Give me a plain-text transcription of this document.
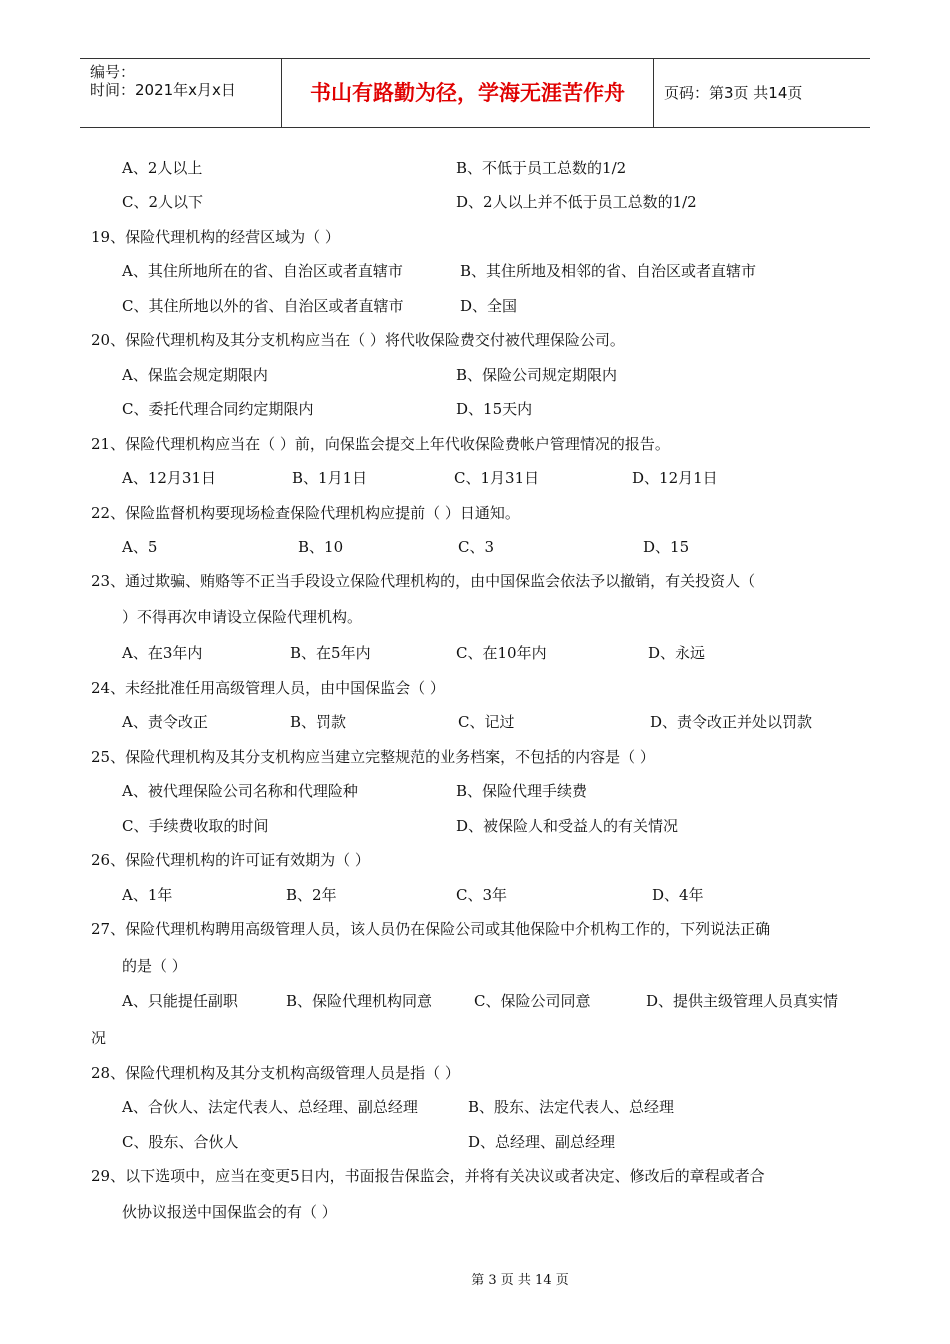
编号：
时间：2021年x月x日	书山有路勤为径，学海无涯苦作舟	页码：第3页 共14页
A、2人以上	B、不低于员工总数的1/2
C、2人以下	D、2人以上并不低于员工总数的1/2
19、保险代理机构的经营区域为（ ）
A、其住所地所在的省、自治区或者直辖市	B、其住所地及相邻的省、自治区或者直辖市
C、其住所地以外的省、自治区或者直辖市	D、全国
20、保险代理机构及其分支机构应当在（ ）将代收保险费交付被代理保险公司。
A、保监会规定期限内	B、保险公司规定期限内
C、委托代理合同约定期限内	D、15天内
21、保险代理机构应当在（ ）前，向保监会提交上年代收保险费帐户管理情况的报告。
A、12月31日	B、1月1日	C、1月31日	D、12月1日
22、保险监督机构要现场检查保险代理机构应提前（ ）日通知。
A、5	B、10	C、3	D、15
23、通过欺骗、贿赂等不正当手段设立保险代理机构的，由中国保监会依法予以撤销，有关投资人（
）不得再次申请设立保险代理机构。
A、在3年内	B、在5年内	C、在10年内	D、永远
24、未经批准任用高级管理人员，由中国保监会（ ）
A、责令改正	B、罚款	C、记过	D、责令改正并处以罚款
25、保险代理机构及其分支机构应当建立完整规范的业务档案，不包括的内容是（ ）
A、被代理保险公司名称和代理险种	B、保险代理手续费
C、手续费收取的时间	D、被保险人和受益人的有关情况
26、保险代理机构的许可证有效期为（ ）
A、1年	B、2年	C、3年	D、4年
27、保险代理机构聘用高级管理人员，该人员仍在保险公司或其他保险中介机构工作的，下列说法正确
的是（ ）
A、只能提任副职	B、保险代理机构同意	C、保险公司同意	D、提供主级管理人员真实情
况
28、保险代理机构及其分支机构高级管理人员是指（ ）
A、合伙人、法定代表人、总经理、副总经理	B、股东、法定代表人、总经理
C、股东、合伙人	D、总经理、副总经理
29、以下选项中，应当在变更5日内，书面报告保监会，并将有关决议或者决定、修改后的章程或者合
伙协议报送中国保监会的有（ ）
第 3 页 共 14 页
